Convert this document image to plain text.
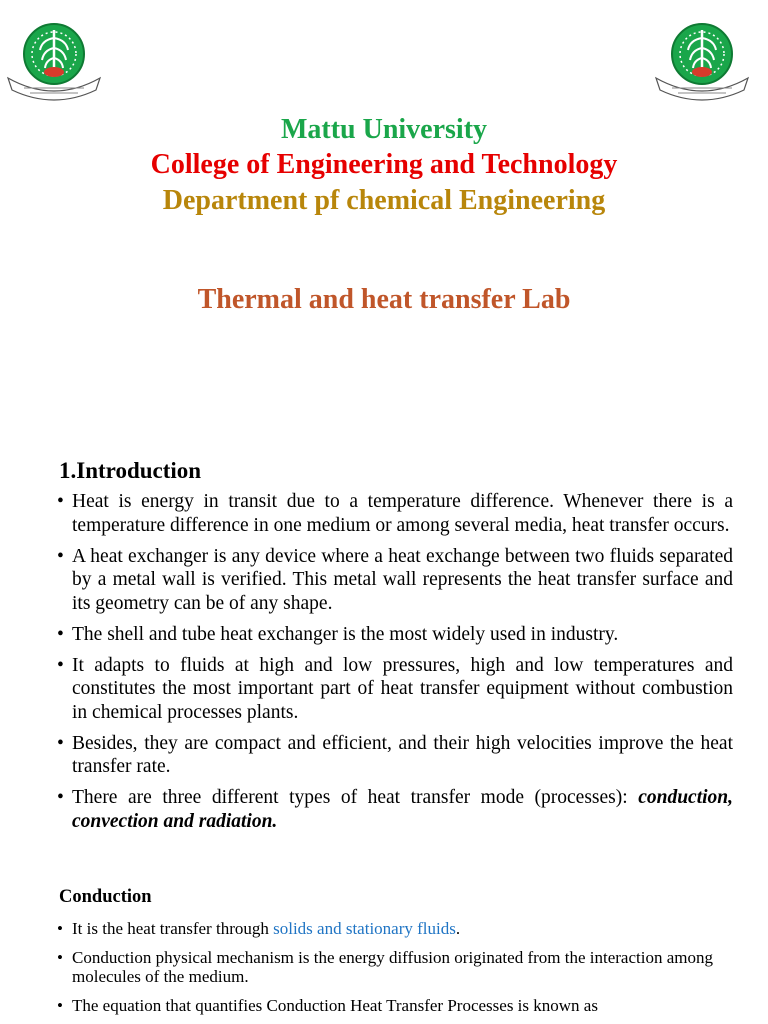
Mattu University
College of Engineering and Technology
Department pf chemical Engineering
Thermal and heat transfer Lab
1.Introduction
• Heat is energy in transit due to a temperature difference. Whenever there is a temperature difference in one medium or among several media, heat transfer occurs.
• A heat exchanger is any device where a heat exchange between two fluids separated by a metal wall is verified. This metal wall represents the heat transfer surface and its geometry can be of any shape.
• The shell and tube heat exchanger is the most widely used in industry.
• It adapts to fluids at high and low pressures, high and low temperatures and constitutes the most important part of heat transfer equipment without combustion in chemical processes plants.
• Besides, they are compact and efficient, and their high velocities improve the heat transfer rate.
• There are three different types of heat transfer mode (processes): conduction, convection and radiation.
Conduction
• It is the heat transfer through solids and stationary fluids.
• Conduction physical mechanism is the energy diffusion originated from the interaction among molecules of the medium.
• The equation that quantifies Conduction Heat Transfer Processes is known as
